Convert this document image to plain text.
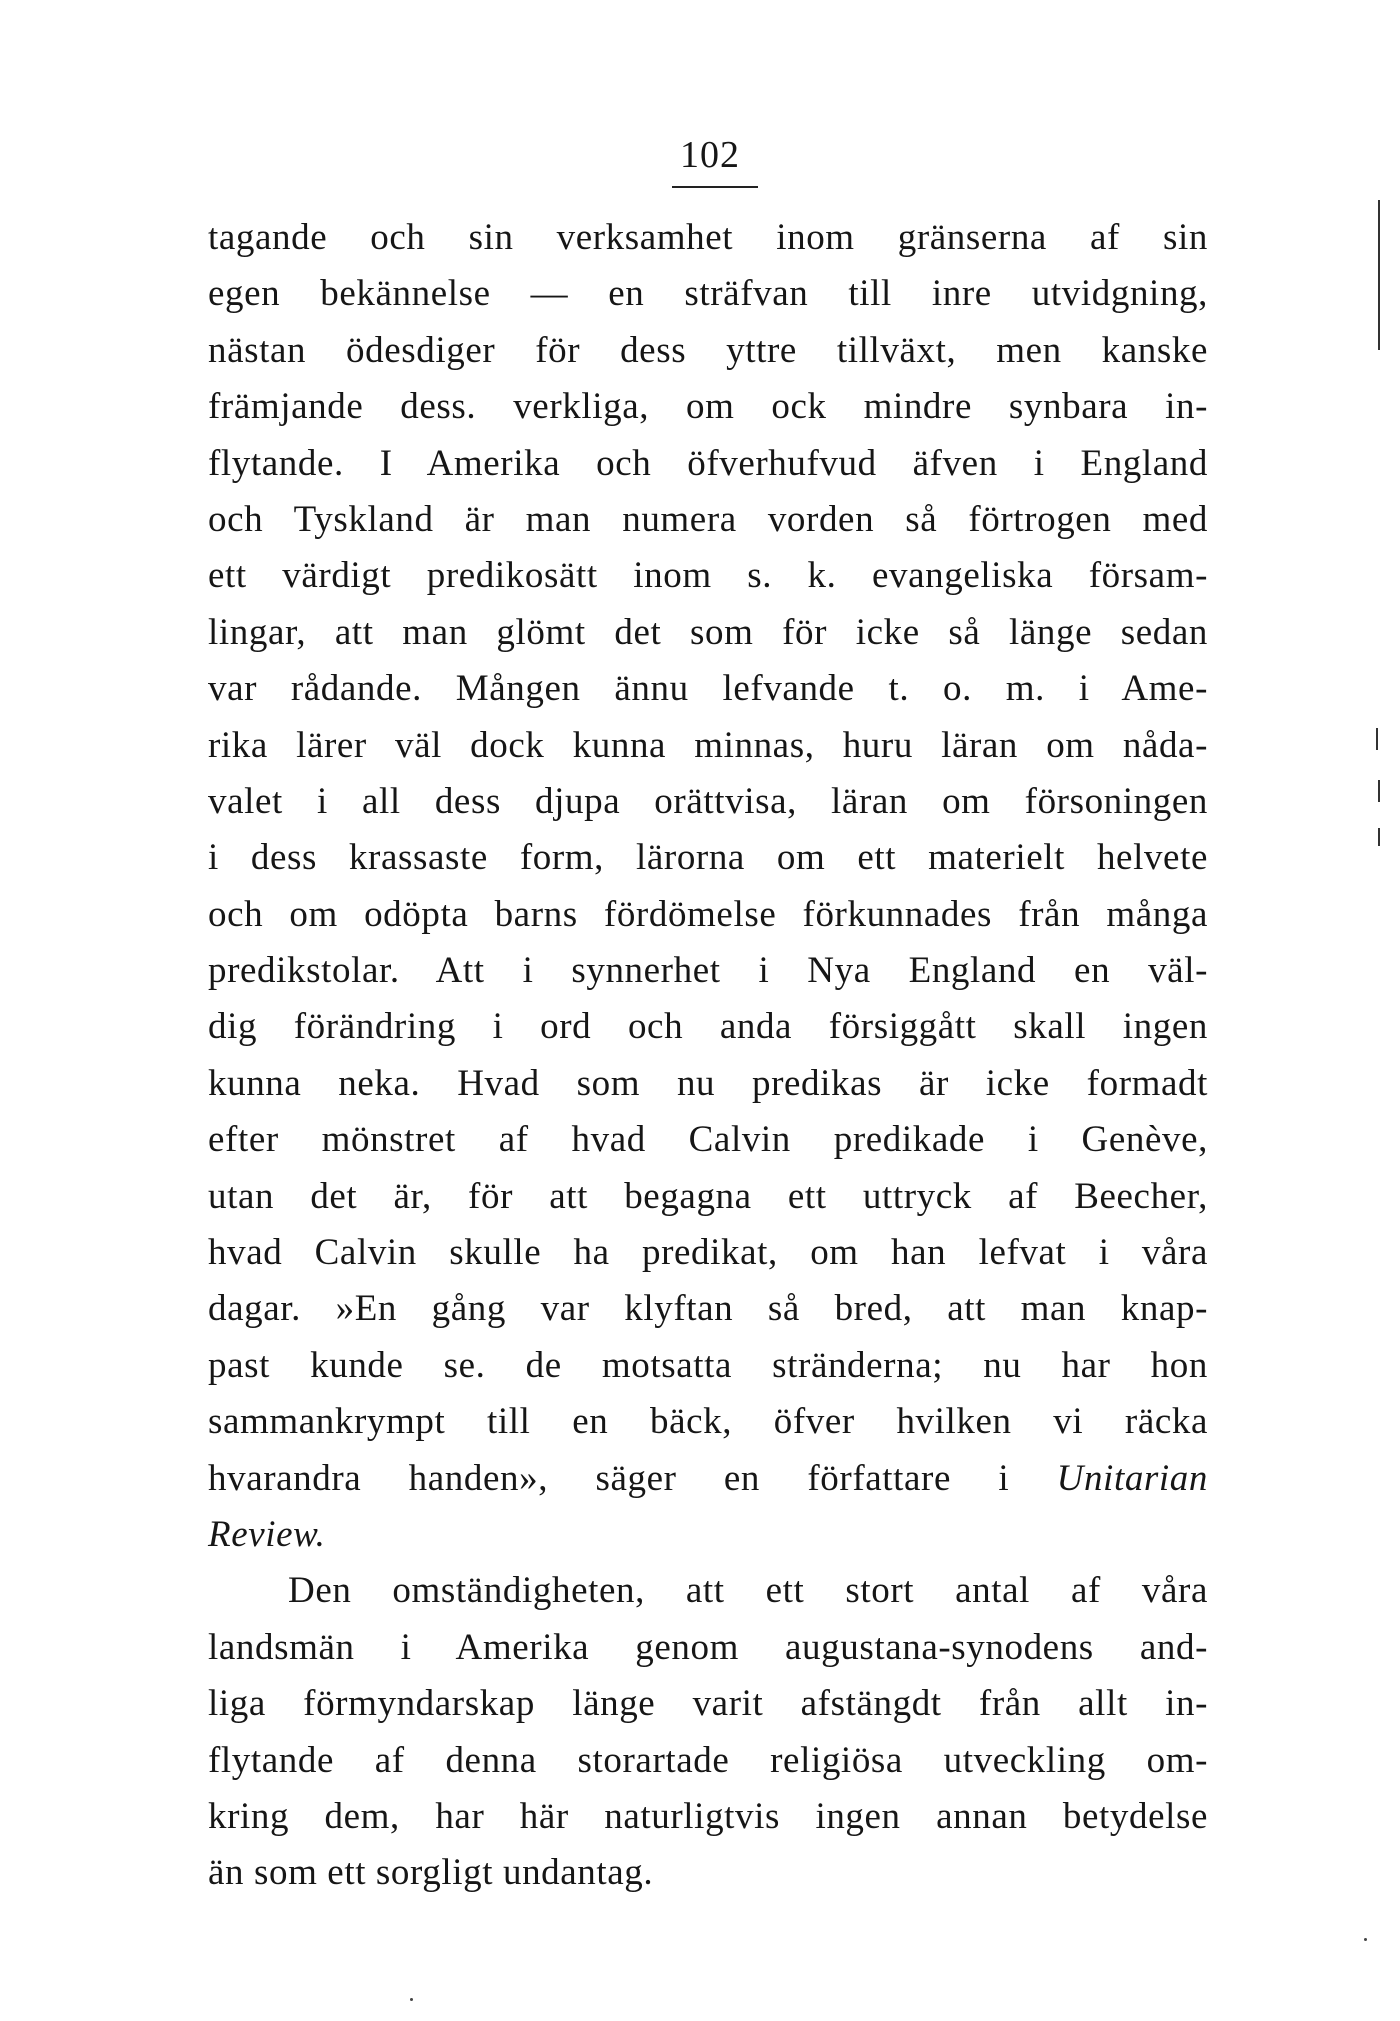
102
tagande och sin verksamhet inom gränserna af sin
egen bekännelse — en sträfvan till inre utvidgning,
nästan ödesdiger för dess yttre tillväxt, men kanske
främjande dess. verkliga, om ock mindre synbara in-
flytande. I Amerika och öfverhufvud äfven i England
och Tyskland är man numera vorden så förtrogen med
ett värdigt predikosätt inom s. k. evangeliska försam-
lingar, att man glömt det som för icke så länge sedan
var rådande. Mången ännu lefvande t. o. m. i Ame-
rika lärer väl dock kunna minnas, huru läran om nåda-
valet i all dess djupa orättvisa, läran om försoningen
i dess krassaste form, lärorna om ett materielt helvete
och om odöpta barns fördömelse förkunnades från många
predikstolar. Att i synnerhet i Nya England en väl-
dig förändring i ord och anda försiggått skall ingen
kunna neka. Hvad som nu predikas är icke formadt
efter mönstret af hvad Calvin predikade i Genève,
utan det är, för att begagna ett uttryck af Beecher,
hvad Calvin skulle ha predikat, om han lefvat i våra
dagar. »En gång var klyftan så bred, att man knap-
past kunde se. de motsatta stränderna; nu har hon
sammankrympt till en bäck, öfver hvilken vi räcka
hvarandra handen», säger en författare i Unitarian
Review.
Den omständigheten, att ett stort antal af våra
landsmän i Amerika genom augustana-synodens and-
liga förmyndarskap länge varit afstängdt från allt in-
flytande af denna storartade religiösa utveckling om-
kring dem, har här naturligtvis ingen annan betydelse
än som ett sorgligt undantag.
